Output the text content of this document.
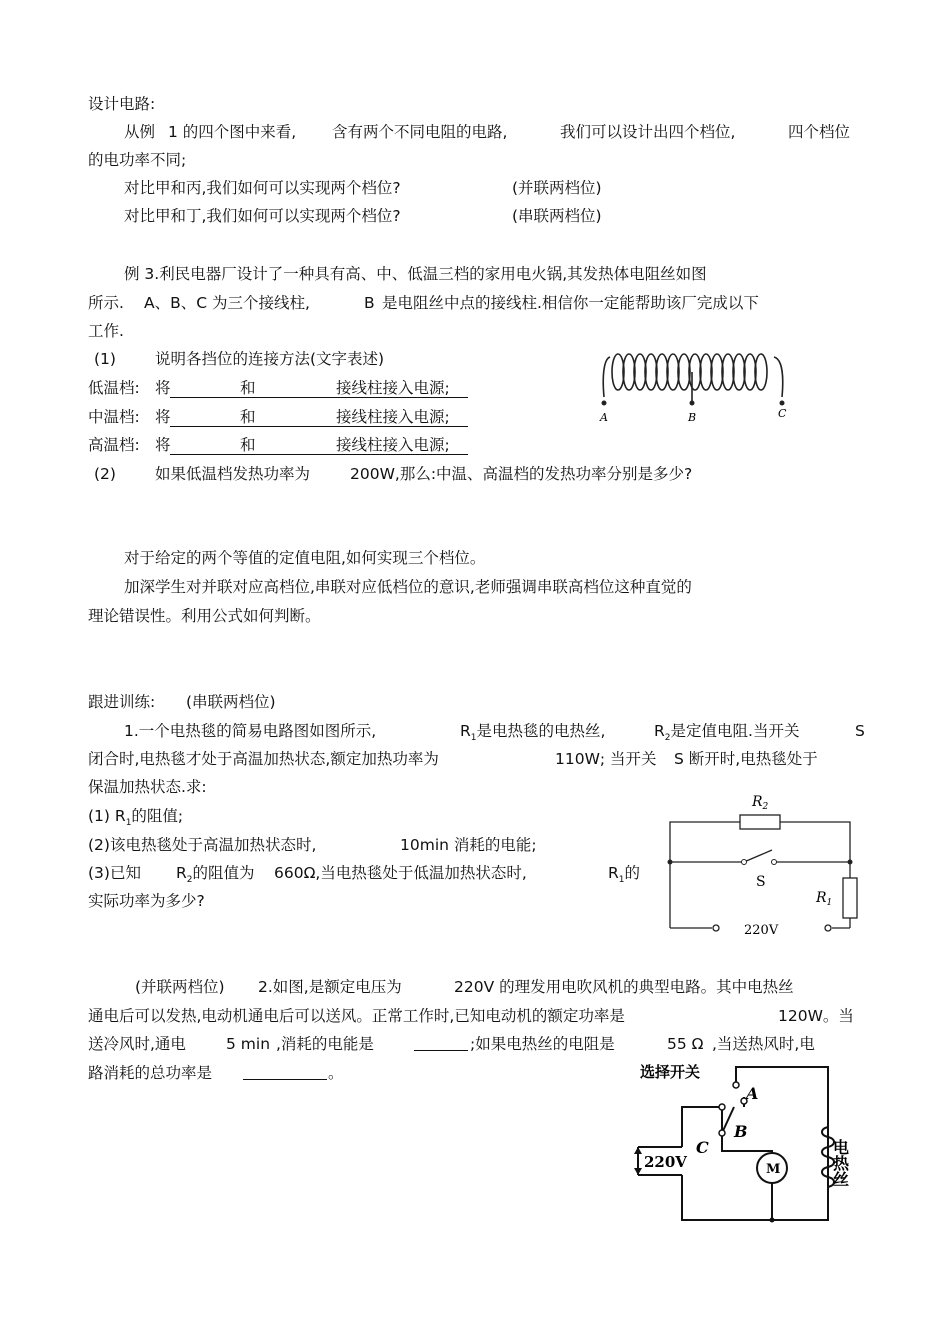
设计电路:
从例 1 的四个图中来看, 含有两个不同电阻的电路,	我们可以设计出四个档位,	四个档位
的电功率不同;
对比甲和丙,我们如何可以实现两个档位?	(并联两档位)
对比甲和丁,我们如何可以实现两个档位?	(串联两档位)
例 3.利民电器厂设计了一种具有高、中、低温三档的家用电火锅,其发热体电阻丝如图
所示. A、B、C 为三个接线柱,	B 是电阻丝中点的接线柱.相信你一定能帮助该厂完成以下
工作.
(1)	说明各挡位的连接方法(文字表述)
低温档: 将	和	接线柱接入电源;
中温档: 将	和	接线柱接入电源;
高温档: 将	和	接线柱接入电源;
(2)	如果低温档发热功率为	200W,那么:中温、高温档的发热功率分别是多少?
A	B	C
对于给定的两个等值的定值电阻,如何实现三个档位。
加深学生对并联对应高档位,串联对应低档位的意识,老师强调串联高档位这种直觉的
理论错误性。利用公式如何判断。
跟进训练: (串联两档位)
1.一个电热毯的简易电路图如图所示,	$R_1$是电热毯的电热丝,	$R_2$是定值电阻.当开关	S
闭合时,电热毯才处于高温加热状态,额定加热功率为	110W; 当开关 S 断开时,电热毯处于
保温加热状态.求:
(1) $R_1$的阻值;
(2)该电热毯处于高温加热状态时,	10min 消耗的电能;
(3)已知 $R_2$的阻值为 660Ω,当电热毯处于低温加热状态时,	$R_1$的
实际功率为多少?
$R_2$
S
$R_1$
220V
(并联两档位) 2.如图,是额定电压为	220V 的理发用电吹风机的典型电路。其中电热丝
通电后可以发热,电动机通电后可以送风。正常工作时,已知电动机的额定功率是	120W。当
送冷风时,通电	5 min ,消耗的电能是	;如果电热丝的电阻是	55 Ω ,当送热风时,电
路消耗的总功率是	。	选择开关
A
B
C
220V	M	电热丝
